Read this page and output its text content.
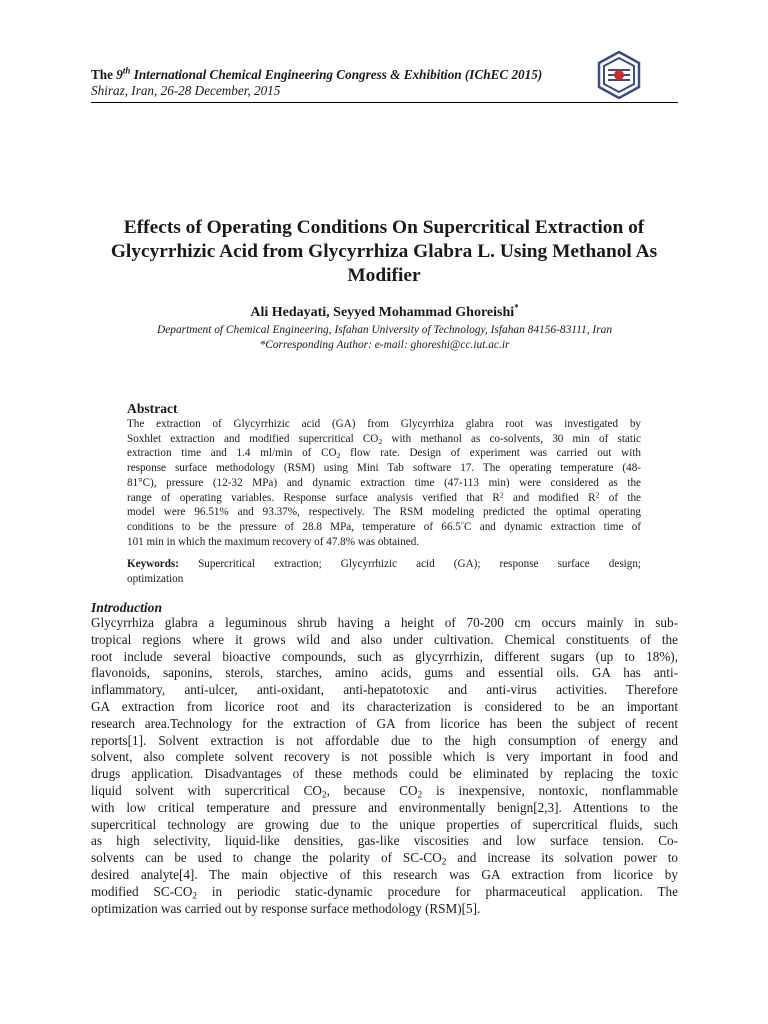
The 9th International Chemical Engineering Congress & Exhibition (IChEC 2015)
Shiraz, Iran, 26-28 December, 2015
Effects of Operating Conditions On Supercritical Extraction of
Glycyrrhizic Acid from Glycyrrhiza Glabra L. Using Methanol As
Modifier
Ali Hedayati, Seyyed Mohammad Ghoreishi*
Department of Chemical Engineering, Isfahan University of Technology, Isfahan 84156-83111, Iran
*Corresponding Author: e-mail: ghoreshi@cc.iut.ac.ir
Abstract
The extraction of Glycyrrhizic acid (GA) from Glycyrrhiza glabra root was investigated by
Soxhlet extraction and modified supercritical $CO_2$ with methanol as co-solvents, 30 min of static
extraction time and 1.4 ml/min of $CO_2$ flow rate. Design of experiment was carried out with
response surface methodology (RSM) using Mini Tab software 17. The operating temperature (48-
81°C), pressure (12-32 MPa) and dynamic extraction time (47-113 min) were considered as the
range of operating variables. Response surface analysis verified that $R^2$ and modified $R^2$ of the
model were 96.51% and 93.37%, respectively. The RSM modeling predicted the optimal operating
conditions to be the pressure of 28.8 MPa, temperature of 66.5°C and dynamic extraction time of
101 min in which the maximum recovery of 47.8% was obtained.
Keywords: Supercritical extraction; Glycyrrhizic acid (GA); response surface design;
optimization
Introduction
Glycyrrhiza glabra a leguminous shrub having a height of 70-200 cm occurs mainly in sub-
tropical regions where it grows wild and also under cultivation. Chemical constituents of the
root include several bioactive compounds, such as glycyrrhizin, different sugars (up to 18%),
flavonoids, saponins, sterols, starches, amino acids, gums and essential oils. GA has anti-
inflammatory, anti-ulcer, anti-oxidant, anti-hepatotoxic and anti-virus activities. Therefore
GA extraction from licorice root and its characterization is considered to be an important
research area.Technology for the extraction of GA from licorice has been the subject of recent
reports[1]. Solvent extraction is not affordable due to the high consumption of energy and
solvent, also complete solvent recovery is not possible which is very important in food and
drugs application. Disadvantages of these methods could be eliminated by replacing the toxic
liquid solvent with supercritical $CO_2$, because $CO_2$ is inexpensive, nontoxic, nonflammable
with low critical temperature and pressure and environmentally benign[2,3]. Attentions to the
supercritical technology are growing due to the unique properties of supercritical fluids, such
as high selectivity, liquid-like densities, gas-like viscosities and low surface tension. Co-
solvents can be used to change the polarity of $SC-CO_2$ and increase its solvation power to
desired analyte[4]. The main objective of this research was GA extraction from licorice by
modified $SC-CO_2$ in periodic static-dynamic procedure for pharmaceutical application. The
optimization was carried out by response surface methodology (RSM)[5].
